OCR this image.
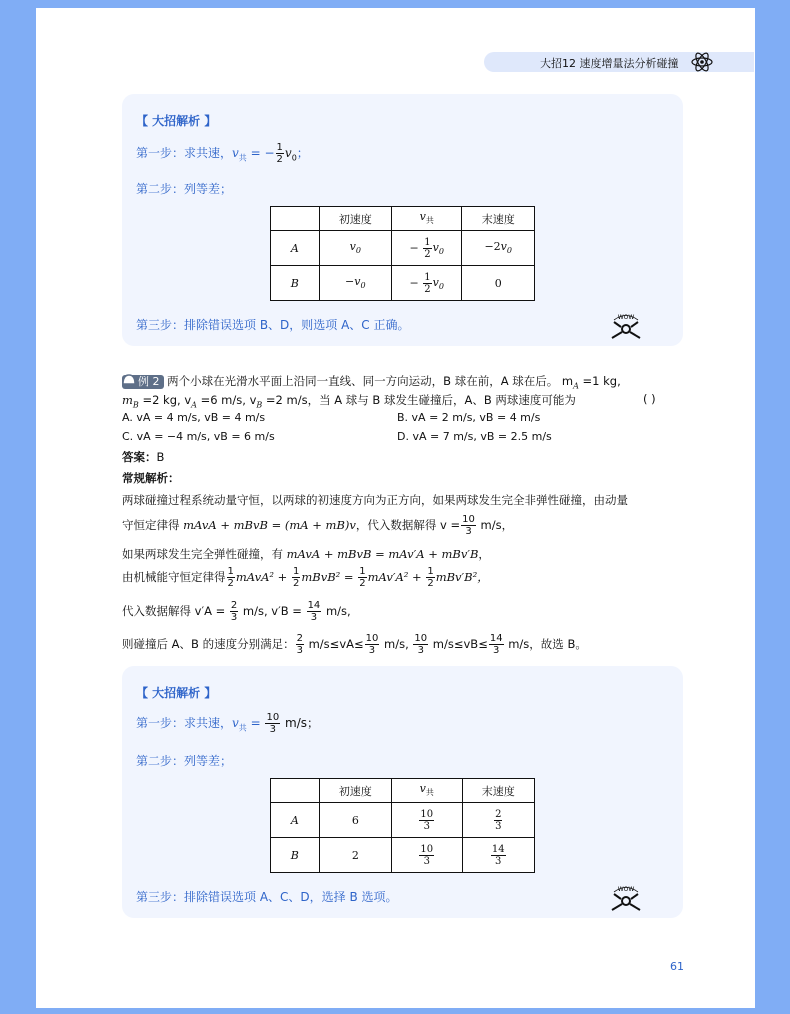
大招12 速度增量法分析碰撞
【 大招解析 】
第一步：求共速，$v_共$ = − $\frac{1}{2} v_0$；
第二步：列等差；
	初速度	$v_共$	末速度
A	$v_0$	− $\frac{1}{2} v_0$	$-2v_0$
B	$-v_0$	− $\frac{1}{2} v_0$	0
第三步：排除错误选项 B、D，则选项 A、C 正确。
WOW
例 2 两个小球在光滑水平面上沿同一直线、同一方向运动，B 球在前，A 球在后。 $m_A =1$ kg,
$m_B =2$ kg, $v_A =6$ m/s, $v_B =2$ m/s，当 A 球与 B 球发生碰撞后，A、B 两球速度可能为	( )
A. vA = 4 m/s, vB = 4 m/s	B. vA = 2 m/s, vB = 4 m/s
C. vA = −4 m/s, vB = 6 m/s	D. vA = 7 m/s, vB = 2.5 m/s
答案：B
常规解析：
两球碰撞过程系统动量守恒，以两球的初速度方向为正方向，如果两球发生完全非弹性碰撞，由动量
守恒定律得 mAvA + mBvB = (mA + mB)v，代入数据解得 $v = \frac{10}{3} m/s$，
如果两球发生完全弹性碰撞，有 mAvA + mBvB = mAv′A + mBv′B，
由机械能守恒定律得 $\frac{1}{2}$ mAvA² + $\frac{1}{2}$ mBvB² = $\frac{1}{2} mAv'A^2 + \frac{1}{2} mBv'B^2$，
代入数据解得 $v'A = \frac{2}{3} m/s$, $v'B = \frac{14}{3} m/s$,
则碰撞后 A、B 的速度分别满足： $\frac{2}{3} m/s\le vA\le \frac{10}{3} m/s$, $\frac{10}{3} m/s\le vB\le \frac{14}{3} m/s$，故选 B。
【 大招解析 】
第一步：求共速，$v_共 = \frac{10}{3} m/s$；
第二步：列等差；
	初速度	$v_共$	末速度
A	6	$\frac{10}{3}$	$\frac{2}{3}$

B	2	$\frac{10}{3}$	$\frac{14}{3}$
第三步：排除错误选项 A、C、D，选择 B 选项。
WOW
61
